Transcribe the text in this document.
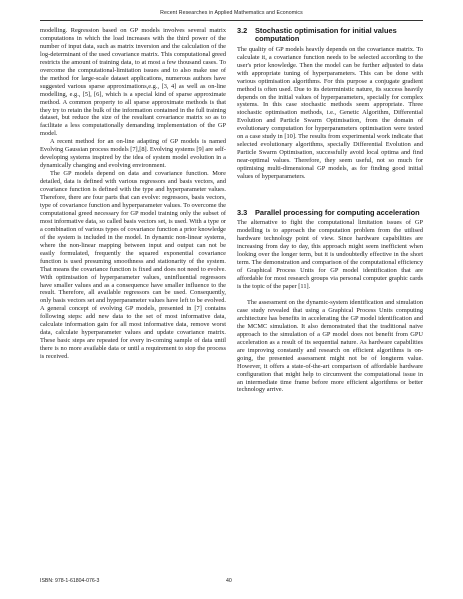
Recent Researches in Applied Mathematics and Economics

modelling. Regression based on GP models involves several matrix computations in which the load increases with the third power of the number of input data, such as matrix inversion and the calculation of the log-determinant of the used covariance matrix. This computational greed restricts the amount of training data, to at most a few thousand cases. To overcome the computational-limitation issues and to also make use of the method for large-scale dataset applications, numerous authors have suggested various sparse approximations,e.g., [3, 4] as well as on-line modelling, e.g., [5], [6], which is a special kind of sparse approximate method. A common property to all sparse approximate methods is that they try to retain the bulk of the information contained in the full training dataset, but reduce the size of the resultant covariance matrix so as to facilitate a less computationally demanding implementation of the GP model.

A recent method for an on-line adapting of GP models is named Evolving Gaussian process models [7],[8]. Evolving systems [9] are self-developing systems inspired by the idea of system model evolution in a dynamically changing and evolving environment.

The GP models depend on data and covariance function. More detailed, data is defined with various regressors and basis vectors, and covariance function is defined with the type and hyperparameter values. Therefore, there are four parts that can evolve: regressors, basis vectors, type of covariance function and hyperparameter values. To overcome the computational greed necessary for GP model training only the subset of most informative data, so called basis vectors set, is used. With a type or a combination of various types of covariance function a prior knowledge of the system is included in the model. In dynamic non-linear systems, where the non-linear mapping between input and output can not be easily formulated, frequently the squared exponential covariance function is used presuming smoothness and stationarity of the system. That means the covariance function is fixed and does not need to evolve. With optimisation of hyperparameter values, uninfluential regressors have smaller values and as a consequence have smaller influence to the result. Therefore, all available regressors can be used. Consequently, only basis vectors set and hyperparameter values have left to be evolved. A general concept of evolving GP models, presented in [7] contains following steps: add new data to the set of most informative data, calculate information gain for all most informative data, remove worst data, calculate hyperparameter values and update covariance matrix. These basic steps are repeated for every in-coming sample of data until there is no more available data or until a requirement to stop the process is received.

3.2	Stochastic optimisation for initial values computation

The quality of GP models heavily depends on the covariance matrix. To calculate it, a covariance function needs to be selected according to the user's prior knowledge. Then the model can be further adjusted to data with appropriate tuning of hyperparameters. This can be done with various optimisation algorithms. For this purpose a conjugate gradient method is often used. Due to its deterministic nature, its success heavily depends on the initial values of hyperparameters, specially for complex systems. In this case stochastic methods seem appropriate. Three stochastic optimisation methods, i.e., Genetic Algorithm, Differential Evolution and Particle Swarm Optimisation, from the domain of evolutionary computation for hyperparameters optimisation were tested on a case study in [10]. The results from experimental work indicate that selected evolutionary algorithms, specially Differential Evolution and Particle Swarm Optimisation, successfully avoid local optima and find near-optimal values. Therefore, they seem useful, not so much for optimising multi-dimensional GP models, as for finding good initial values of hyperparameters.

3.3	Parallel processing for computing acceleration

The alternative to fight the computational limitation issues of GP modelling is to approach the computation problem from the utilised hardware technology point of view. Since hardware capabilities are increasing from day to day, this approach might seem inefficient when looking over the longer term, but it is undoubtedly effective in the short term. The demonstration and comparison of the computational efficiency of Graphical Process Units for GP model identification that are affordable for most research groups via personal computer graphic cards is the topic of the paper [11].

The assessment on the dynamic-system identification and simulation case study revealed that using a Graphical Process Units computing architecture has benefits in accelerating the GP model identification and the MCMC simulation. It also demonstrated that the traditional naive approach to the simulation of a GP model does not benefit from GPU acceleration as a result of its sequential nature. As hardware capabilities are improving constantly and research on efficient algorithms is on-going, the presented assessment might not be of longterm value. However, it offers a state-of-the-art comparison of affordable hardware configuration that might help to circumvent the computational issue in an intermediate time frame before more efficient algorithms or better technology arrive.

ISBN: 978-1-61804-076-3	40
